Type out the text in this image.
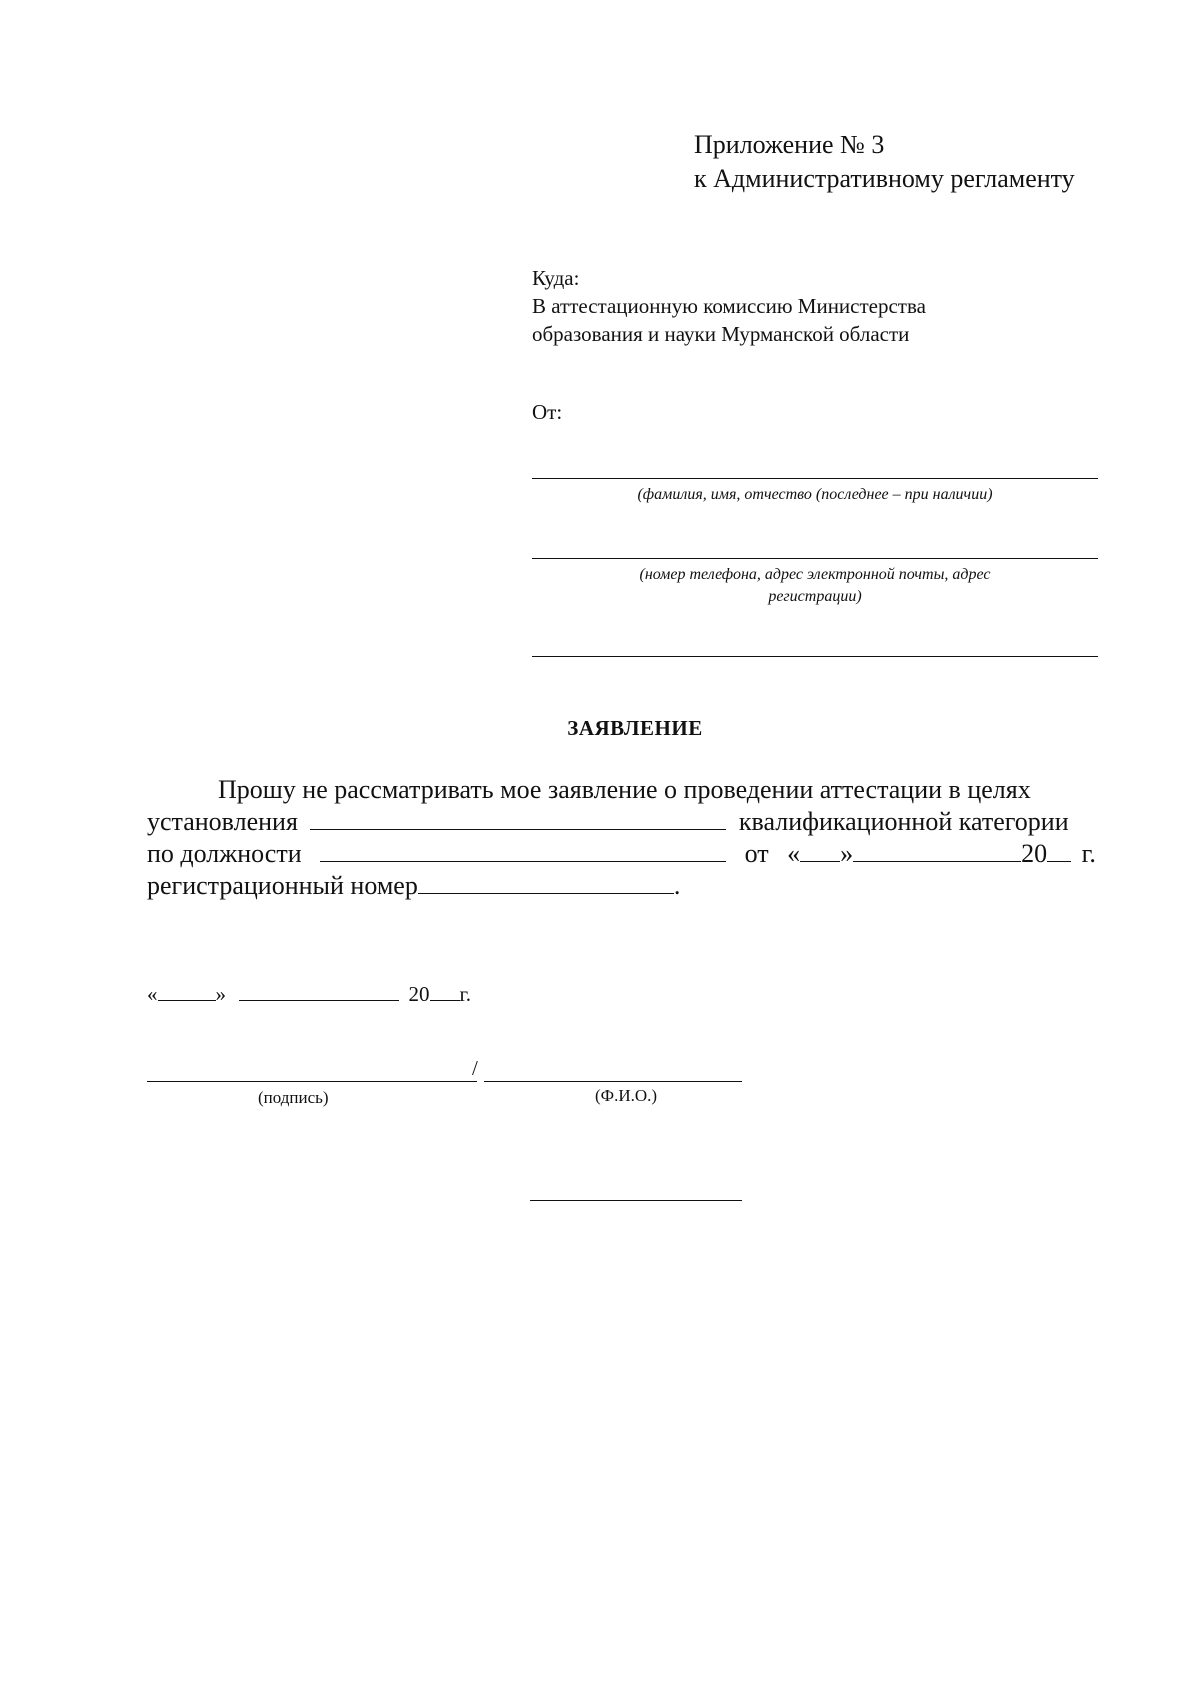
Приложение № 3
к Административному регламенту
Куда:
В аттестационную комиссию Министерства
образования и науки Мурманской области
От:
(фамилия, имя, отчество (последнее – при наличии)
(номер телефона, адрес электронной почты, адрес
регистрации)
ЗАЯВЛЕНИЕ
Прошу не рассматривать мое заявление о проведении аттестации в целях
установления	квалификационной категории
по должности	от « »	20 г.
регистрационный номер	.
«	»	20 г.
/
(подпись)	(Ф.И.О.)
